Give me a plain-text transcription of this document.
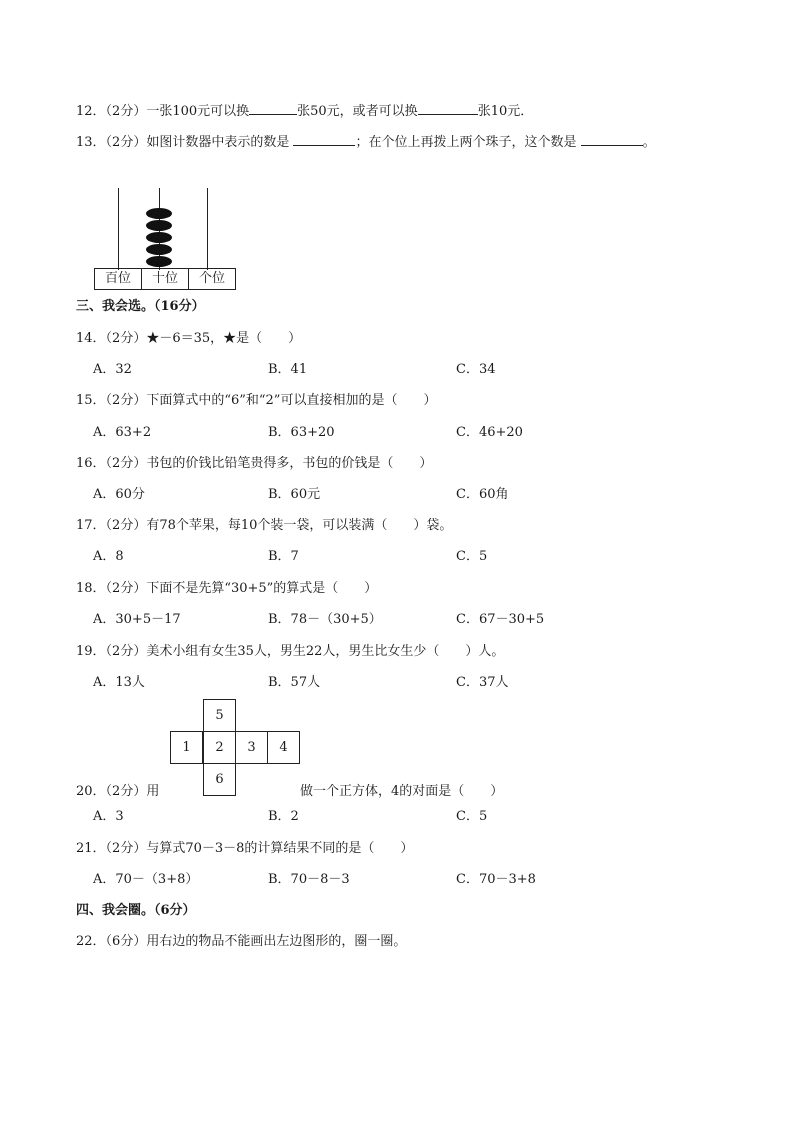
12．（2分）一张100元可以换	张50元，或者可以换	张10元．
13．（2分）如图计数器中表示的数是	；在个位上再拨上两个珠子，这个数是	。
百位	十位	个位
三、我会选。（16分）
14．（2分）★－6＝35，★是（　　）
A．32	B．41	C．34
15．（2分）下面算式中的“6”和“2”可以直接相加的是（　　）
A．63+2	B．63+20	C．46+20
16．（2分）书包的价钱比铅笔贵得多，书包的价钱是（　　）
A．60分	B．60元	C．60角
17．（2分）有78个苹果，每10个装一袋，可以装满（　　）袋。
A．8	B．7	C．5
18．（2分）下面不是先算“30+5”的算式是（　　）
A．30+5－17	B．78－（30+5）	C．67－30+5
19．（2分）美术小组有女生35人，男生22人，男生比女生少（　　）人。
A．13人	B．57人	C．37人
5
1	2	3	4
6
20．（2分）用	做一个正方体，4的对面是（　　）
A．3	B．2	C．5
21．（2分）与算式70－3－8的计算结果不同的是（　　）
A．70－（3+8）	B．70－8－3	C．70－3+8
四、我会圈。（6分）
22．（6分）用右边的物品不能画出左边图形的，圈一圈。
